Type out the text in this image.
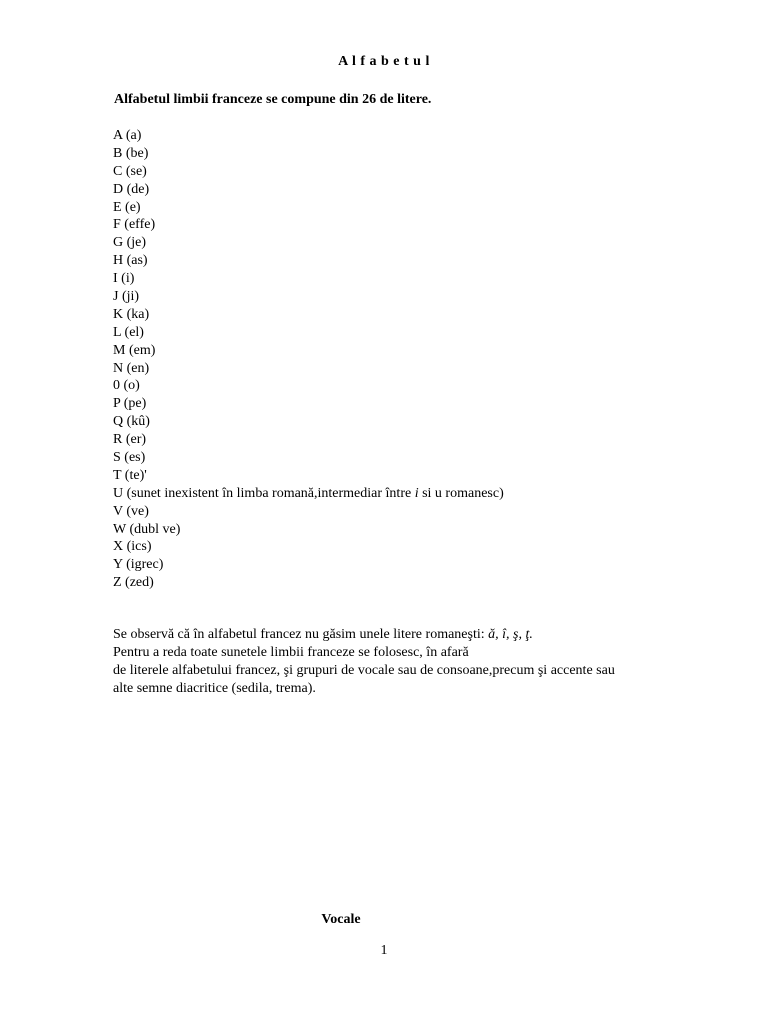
A l f a b e t u l
Alfabetul limbii franceze se compune din 26 de litere.
A (a)
B (be)
C (se)
D (de)
E (e)
F (effe)
G (je)
H (as)
I (i)
J (ji)
K (ka)
L (el)
M (em)
N (en)
0 (o)
P (pe)
Q (kû)
R (er)
S (es)
T (te)'
U (sunet inexistent în limba romană,intermediar între i si u romanesc)
V (ve)
W (dubl ve)
X (ics)
Y (igrec)
Z (zed)
Se observă că în alfabetul francez nu găsim unele litere romaneşti: ă, î, ş, ţ.
Pentru a reda toate sunetele limbii franceze se folosesc, în afară
de literele alfabetului francez, şi grupuri de vocale sau de consoane,precum şi accente sau
alte semne diacritice (sedila, trema).
Vocale
1
